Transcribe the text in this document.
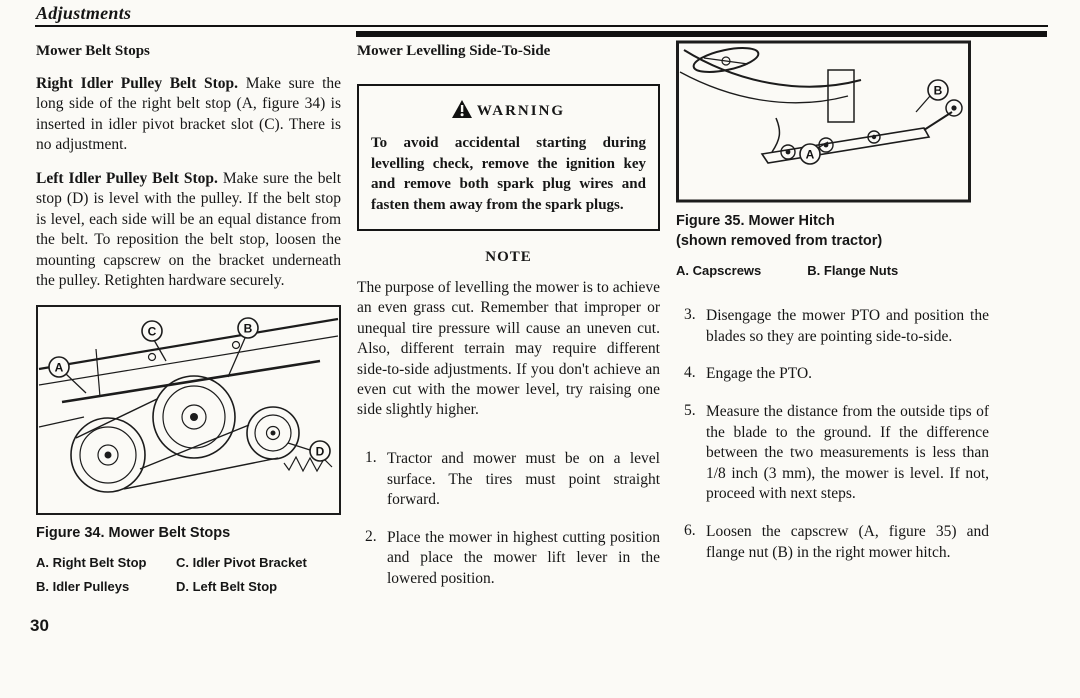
Adjustments
Mower Belt Stops

Right Idler Pulley Belt Stop. Make sure the long side of the right belt stop (A, figure 34) is inserted in idler pivot bracket slot (C). There is no adjustment.

Left Idler Pulley Belt Stop. Make sure the belt stop (D) is level with the pulley. If the belt stop is level, each side will be an equal distance from the belt. To reposition the belt stop, loosen the mounting capscrew on the bracket underneath the pulley. Retighten hardware securely.

A
C	B
D
Figure 34. Mower Belt Stops
A. Right Belt Stop	C. Idler Pivot Bracket
B. Idler Pulleys	D. Left Belt Stop
Mower Levelling Side-To-Side
WARNING

To avoid accidental starting during levelling check, remove the ignition key and remove both spark plug wires and fasten them away from the spark plugs.

NOTE

The purpose of levelling the mower is to achieve an even grass cut. Remember that improper or unequal tire pressure will cause an uneven cut. Also, different terrain may require different side-to-side adjustments. If you don't achieve an even cut with the mower level, try raising one side slightly higher.

1. Tractor and mower must be on a level surface. The tires must point straight forward.
2. Place the mower in highest cutting position and place the mower lift lever in the lowered position.
B
A
Figure 35. Mower Hitch
(shown removed from tractor)
A. Capscrews	B. Flange Nuts
3. Disengage the mower PTO and position the blades so they are pointing side-to-side.
4. Engage the PTO.
5. Measure the distance from the outside tips of the blade to the ground. If the difference between the two measurements is less than 1/8 inch (3 mm), the mower is level. If not, proceed with next steps.
6. Loosen the capscrew (A, figure 35) and flange nut (B) in the right mower hitch.
30
